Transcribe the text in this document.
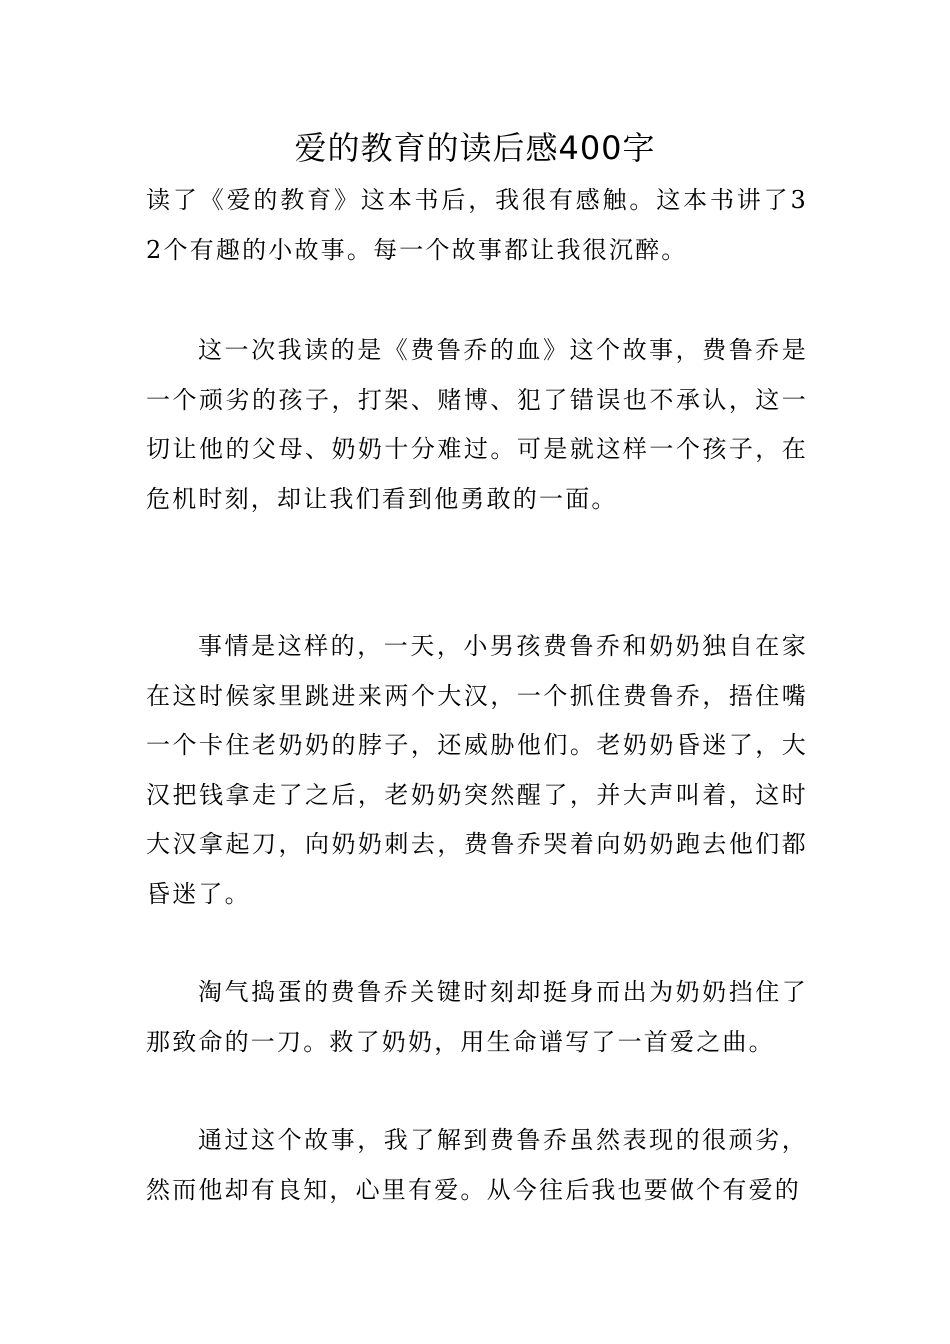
爱的教育的读后感400字

读了《爱的教育》这本书后，我很有感触。这本书讲了32个有趣的小故事。每一个故事都让我很沉醉。

这一次我读的是《费鲁乔的血》这个故事，费鲁乔是一个顽劣的孩子，打架、赌博、犯了错误也不承认，这一切让他的父母、奶奶十分难过。可是就这样一个孩子，在危机时刻，却让我们看到他勇敢的一面。

事情是这样的，一天，小男孩费鲁乔和奶奶独自在家在这时候家里跳进来两个大汉，一个抓住费鲁乔，捂住嘴一个卡住老奶奶的脖子，还威胁他们。老奶奶昏迷了，大汉把钱拿走了之后，老奶奶突然醒了，并大声叫着，这时大汉拿起刀，向奶奶刺去，费鲁乔哭着向奶奶跑去他们都昏迷了。

淘气捣蛋的费鲁乔关键时刻却挺身而出为奶奶挡住了那致命的一刀。救了奶奶，用生命谱写了一首爱之曲。

通过这个故事，我了解到费鲁乔虽然表现的很顽劣，然而他却有良知，心里有爱。从今往后我也要做个有爱的
